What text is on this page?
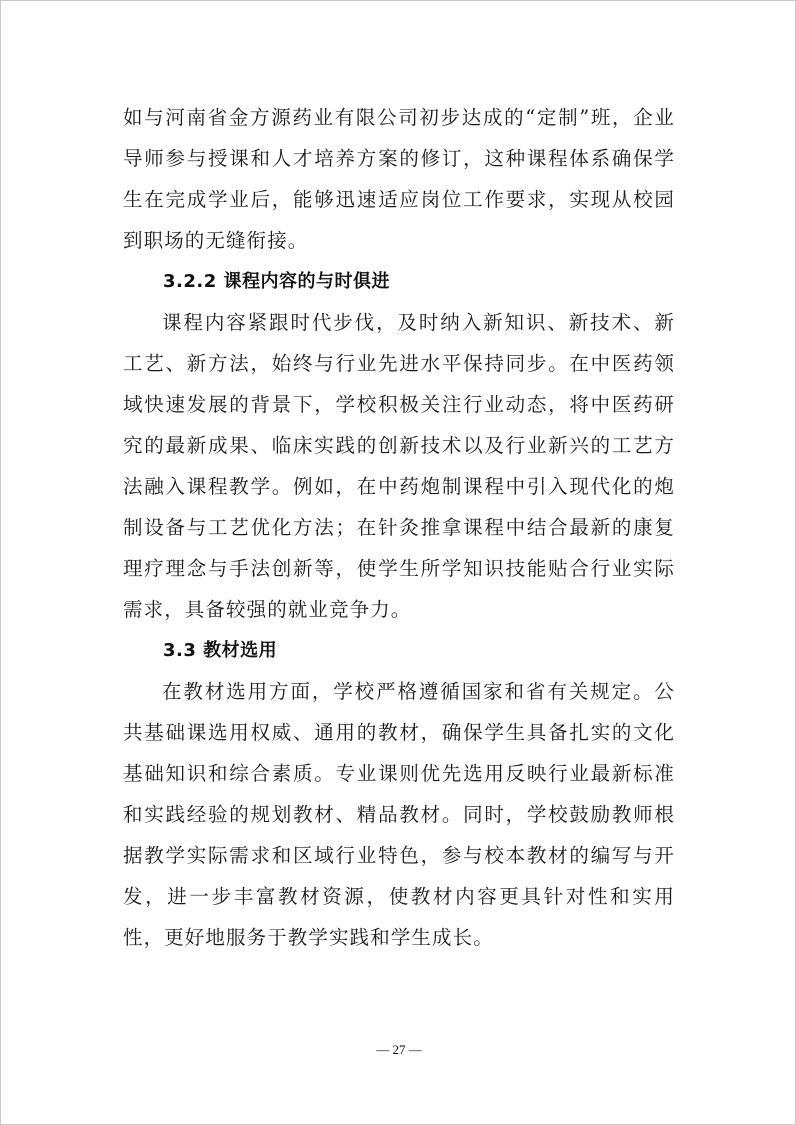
如与河南省金方源药业有限公司初步达成的“定制”班，企业导师参与授课和人才培养方案的修订，这种课程体系确保学生在完成学业后，能够迅速适应岗位工作要求，实现从校园到职场的无缝衔接。

3.2.2 课程内容的与时俱进

课程内容紧跟时代步伐，及时纳入新知识、新技术、新工艺、新方法，始终与行业先进水平保持同步。在中医药领域快速发展的背景下，学校积极关注行业动态，将中医药研究的最新成果、临床实践的创新技术以及行业新兴的工艺方法融入课程教学。例如，在中药炮制课程中引入现代化的炮制设备与工艺优化方法；在针灸推拿课程中结合最新的康复理疗理念与手法创新等，使学生所学知识技能贴合行业实际需求，具备较强的就业竞争力。

3.3 教材选用

在教材选用方面，学校严格遵循国家和省有关规定。公共基础课选用权威、通用的教材，确保学生具备扎实的文化基础知识和综合素质。专业课则优先选用反映行业最新标准和实践经验的规划教材、精品教材。同时，学校鼓励教师根据教学实际需求和区域行业特色，参与校本教材的编写与开发，进一步丰富教材资源，使教材内容更具针对性和实用性，更好地服务于教学实践和学生成长。

— 27 —
